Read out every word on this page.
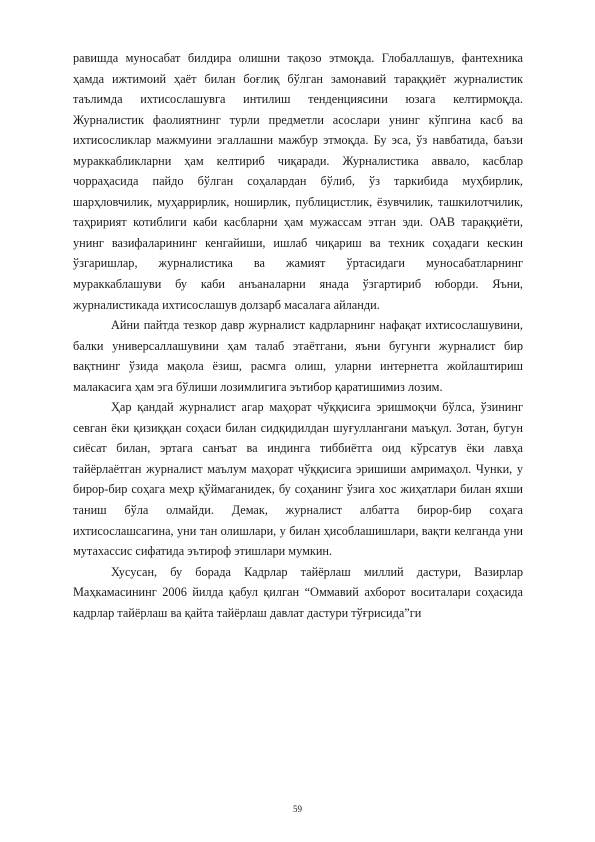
равишда муносабат билдира олишни тақозо этмоқда. Глобаллашув, фантехника ҳамда ижтимоий ҳаёт билан боғлиқ бўлган замонавий тараққиёт журналистик таълимда ихтисослашувга интилиш тенденциясини юзага келтирмоқда. Журналистик фаолиятнинг турли предметли асослари унинг кўпгина касб ва ихтисосликлар мажмуини эгаллашни мажбур этмоқда. Бу эса, ўз навбатида, баъзи мураккабликларни ҳам келтириб чиқаради. Журналистика аввало, касблар чорраҳасида пайдо бўлган соҳалардан бўлиб, ўз таркибида муҳбирлик, шарҳловчилик, муҳаррирлик, ноширлик, публицистлик, ёзувчилик, ташкилотчилик, таҳририят котиблиги каби касбларни ҳам мужассам этган эди. ОАВ тараққиёти, унинг вазифаларининг кенгайиши, ишлаб чиқариш ва техник соҳадаги кескин ўзгаришлар, журналистика ва жамият ўртасидаги муносабатларнинг мураккаблашуви бу каби анъаналарни янада ўзгартириб юборди. Яъни, журналистикада ихтисослашув долзарб масалага айланди.

Айни пайтда тезкор давр журналист кадрларнинг нафақат ихтисослашувини, балки универсаллашувини ҳам талаб этаётгани, яъни бугунги журналист бир вақтнинг ўзида мақола ёзиш, расмга олиш, уларни интернетга жойлаштириш малакасига ҳам эга бўлиши лозимлигига эътибор қаратишимиз лозим.

Ҳар қандай журналист агар маҳорат чўққисига эришмоқчи бўлса, ўзининг севган ёки қизиққан соҳаси билан сидқидилдан шуғуллангани маъқул. Зотан, бугун сиёсат билан, эртага санъат ва индинга тиббиётга оид кўрсатув ёки лавҳа тайёрлаётган журналист маълум маҳорат чўққисига эришиши амримаҳол. Чунки, у бирор-бир соҳага меҳр қўймаганидек, бу соҳанинг ўзига хос жиҳатлари билан яхши таниш бўла олмайди. Демак, журналист албатта бирор-бир соҳага ихтисослашсагина, уни тан олишлари, у билан ҳисоблашишлари, вақти келганда уни мутахассис сифатида эътироф этишлари мумкин.

Хусусан, бу борада Кадрлар тайёрлаш миллий дастури, Вазирлар Маҳкамасининг 2006 йилда қабул қилган “Оммавий ахборот воситалари соҳасида кадрлар тайёрлаш ва қайта тайёрлаш давлат дастури тўғрисида”ги

59
